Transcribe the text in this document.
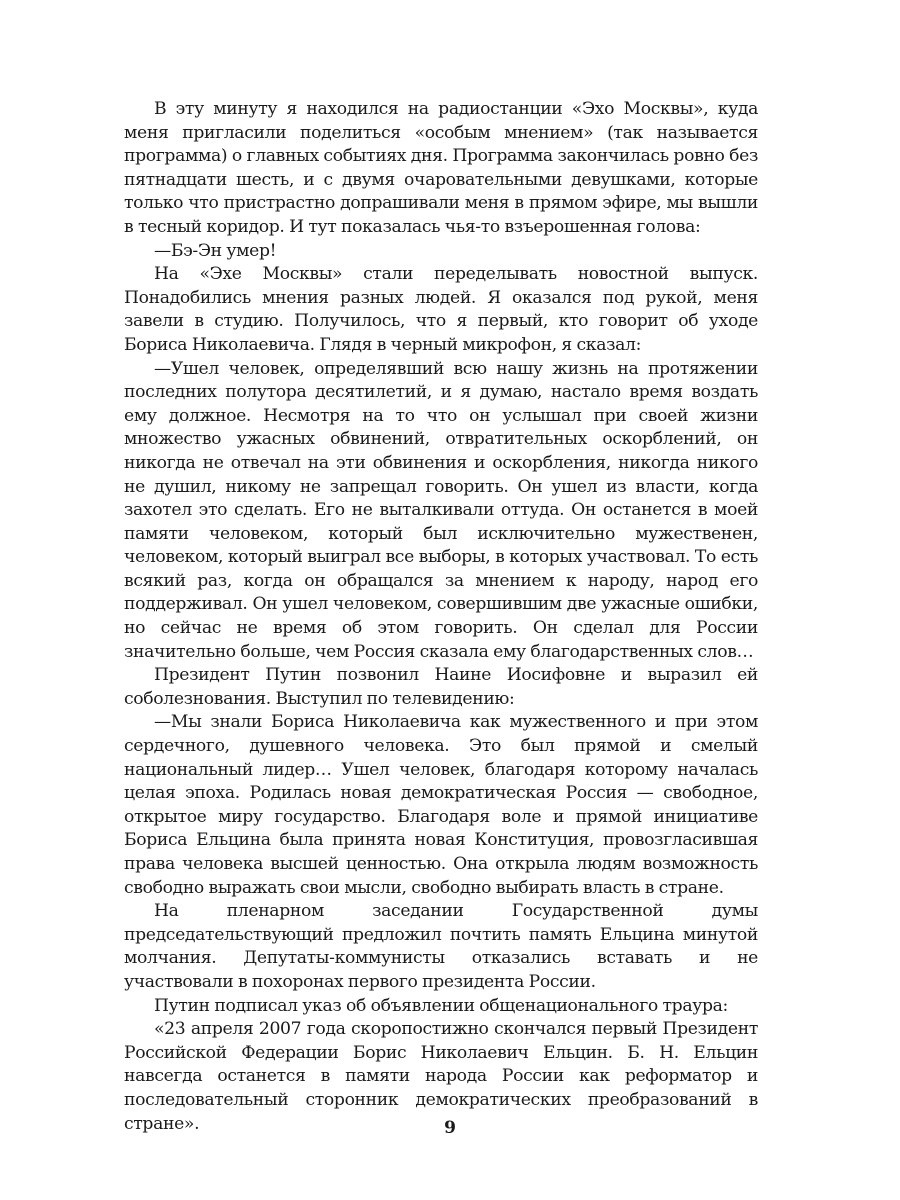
В эту минуту я находился на радиостанции «Эхо Москвы», куда меня пригласили поделиться «особым мнением» (так называется программа) о главных событиях дня. Программа закончилась ровно без пятнадцати шесть, и с двумя очаровательными девушками, которые только что пристрастно допрашивали меня в прямом эфире, мы вышли в тесный коридор. И тут показалась чья-то взъерошенная голова:

—Бэ-Эн умер!

На «Эхе Москвы» стали переделывать новостной выпуск. Понадобились мнения разных людей. Я оказался под рукой, меня завели в студию. Получилось, что я первый, кто говорит об уходе Бориса Николаевича. Глядя в черный микрофон, я сказал:

—Ушел человек, определявший всю нашу жизнь на протяжении последних полутора десятилетий, и я думаю, настало время воздать ему должное. Несмотря на то что он услышал при своей жизни множество ужасных обвинений, отвратительных оскорблений, он никогда не отвечал на эти обвинения и оскорбления, никогда никого не душил, никому не запрещал говорить. Он ушел из власти, когда захотел это сделать. Его не выталкивали оттуда. Он останется в моей памяти человеком, который был исключительно мужественен, человеком, который выиграл все выборы, в которых участвовал. То есть всякий раз, когда он обращался за мнением к народу, народ его поддерживал. Он ушел человеком, совершившим две ужасные ошибки, но сейчас не время об этом говорить. Он сделал для России значительно больше, чем Россия сказала ему благодарственных слов…

Президент Путин позвонил Наине Иосифовне и выразил ей соболезнования. Выступил по телевидению:

—Мы знали Бориса Николаевича как мужественного и при этом сердечного, душевного человека. Это был прямой и смелый национальный лидер… Ушел человек, благодаря которому началась целая эпоха. Родилась новая демократическая Россия — свободное, открытое миру государство. Благодаря воле и прямой инициативе Бориса Ельцина была принята новая Конституция, провозгласившая права человека высшей ценностью. Она открыла людям возможность свободно выражать свои мысли, свободно выбирать власть в стране.

На пленарном заседании Государственной думы председательствующий предложил почтить память Ельцина минутой молчания. Депутаты-коммунисты отказались вставать и не участвовали в похоронах первого президента России.

Путин подписал указ об объявлении общенационального траура:

«23 апреля 2007 года скоропостижно скончался первый Президент Российской Федерации Борис Николаевич Ельцин. Б. Н. Ельцин навсегда останется в памяти народа России как реформатор и последовательный сторонник демократических преобразований в стране».	9
